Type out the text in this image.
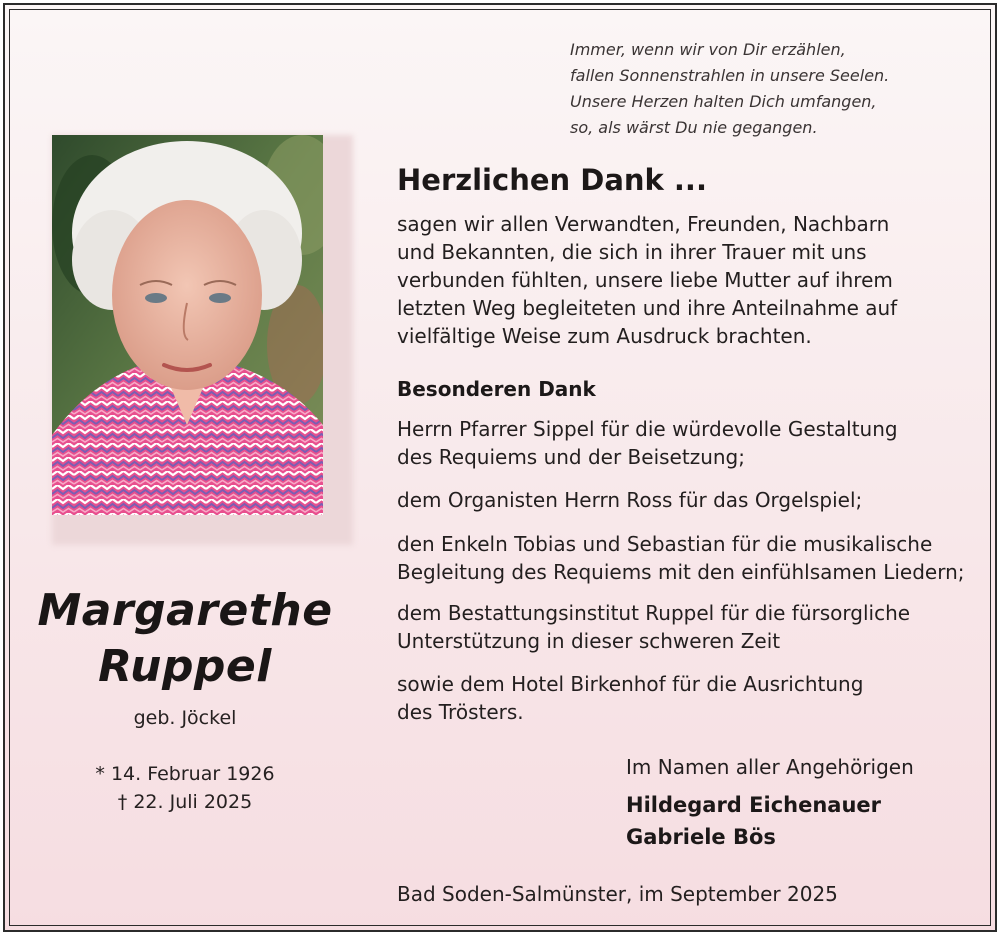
Immer, wenn wir von Dir erzählen,
fallen Sonnenstrahlen in unsere Seelen.
Unsere Herzen halten Dich umfangen,
so, als wärst Du nie gegangen.
Margarethe
Ruppel
geb. Jöckel
* 14. Februar 1926
† 22. Juli 2025
Herzlichen Dank ...
sagen wir allen Verwandten, Freunden, Nachbarn
und Bekannten, die sich in ihrer Trauer mit uns
verbunden fühlten, unsere liebe Mutter auf ihrem
letzten Weg begleiteten und ihre Anteilnahme auf
vielfältige Weise zum Ausdruck brachten.
Besonderen Dank
Herrn Pfarrer Sippel für die würdevolle Gestaltung
des Requiems und der Beisetzung;
dem Organisten Herrn Ross für das Orgelspiel;
den Enkeln Tobias und Sebastian für die musikalische
Begleitung des Requiems mit den einfühlsamen Liedern;
dem Bestattungsinstitut Ruppel für die fürsorgliche
Unterstützung in dieser schweren Zeit
sowie dem Hotel Birkenhof für die Ausrichtung
des Trösters.
Im Namen aller Angehörigen
Hildegard Eichenauer
Gabriele Bös
Bad Soden-Salmünster, im September 2025
